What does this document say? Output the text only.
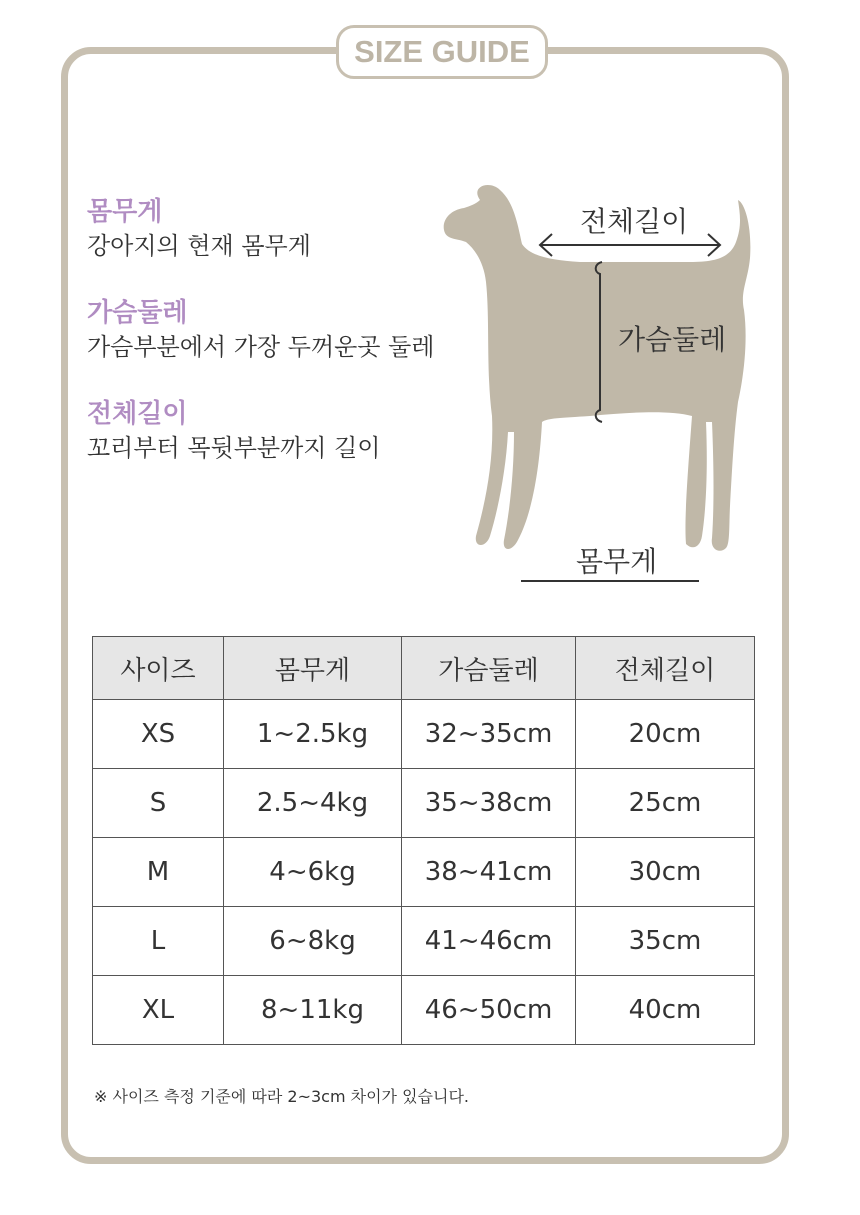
SIZE GUIDE
몸무게
강아지의 현재 몸무게
가슴둘레
가슴부분에서 가장 두꺼운곳 둘레
전체길이
꼬리부터 목뒷부분까지 길이
전체길이
가슴둘레
몸무게
사이즈	몸무게	가슴둘레	전체길이
XS	1~2.5kg	32~35cm	20cm
S	2.5~4kg	35~38cm	25cm
M	4~6kg	38~41cm	30cm
L	6~8kg	41~46cm	35cm
XL	8~11kg	46~50cm	40cm
※ 사이즈 측정 기준에 따라 2~3cm 차이가 있습니다.
